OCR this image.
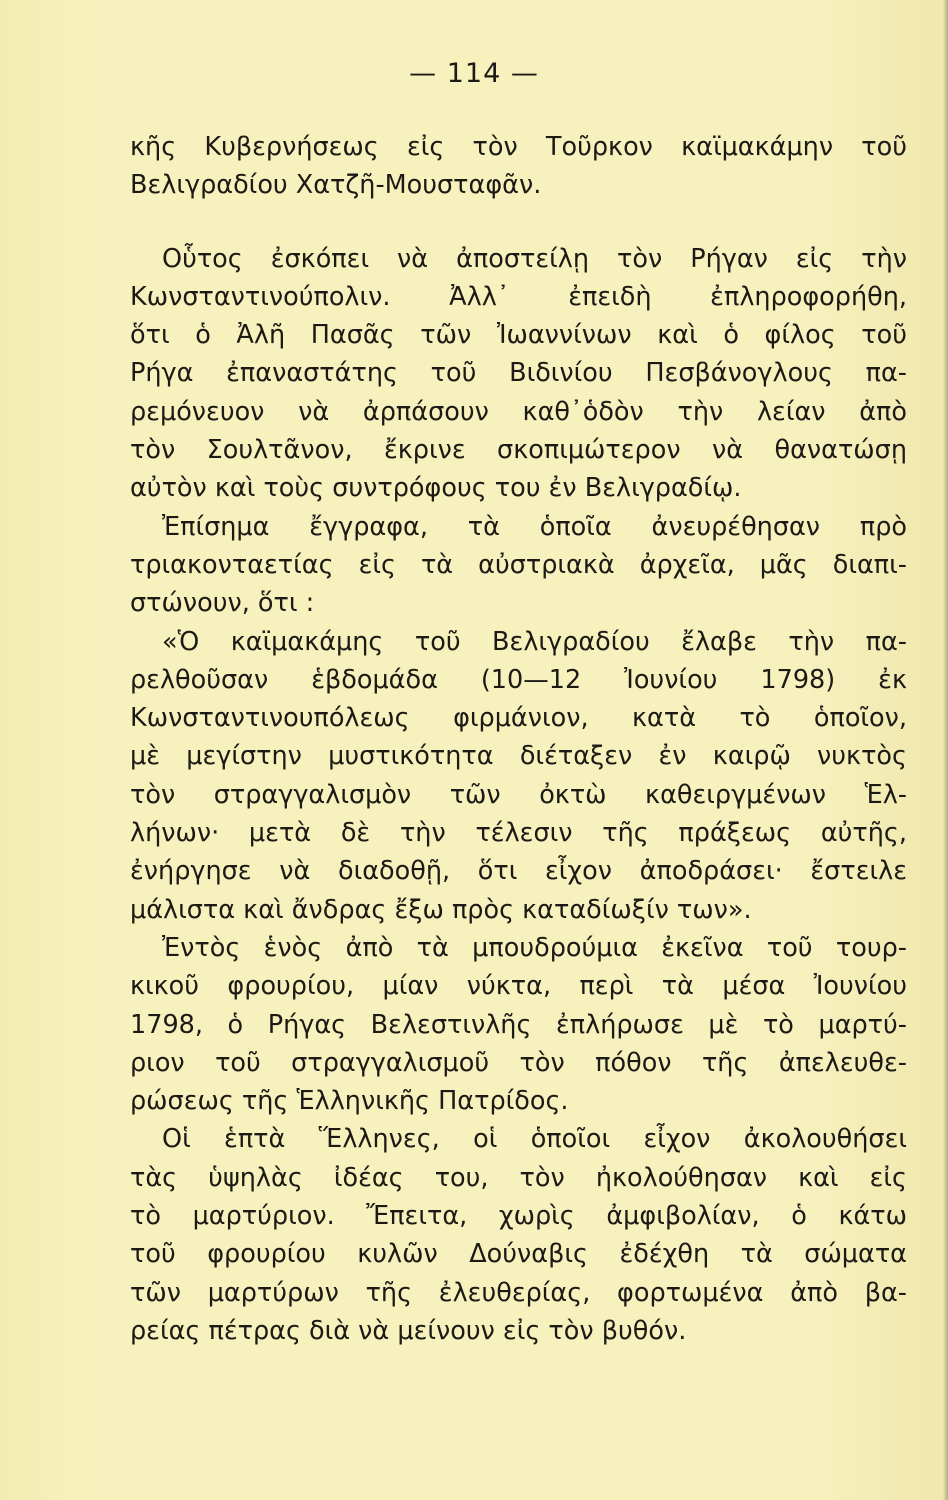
— 114 —

κῆς Κυβερνήσεως εἰς τὸν Τοῦρκον καϊμακάμην τοῦ
Βελιγραδίου Χατζῆ-Μουσταφᾶν.

Οὗτος ἐσκόπει νὰ ἀποστείλῃ τὸν Ρήγαν εἰς τὴν
Κωνσταντινούπολιν. Ἀλλ᾿ ἐπειδὴ ἐπληροφορήθη,
ὅτι ὁ Ἀλῆ Πασᾶς τῶν Ἰωαννίνων καὶ ὁ φίλος τοῦ
Ρήγα ἐπαναστάτης τοῦ Βιδινίου Πεσβάνογλους πα-
ρεμόνευον νὰ ἀρπάσουν καθ᾿ὁδὸν τὴν λείαν ἀπὸ
τὸν Σουλτᾶνον, ἔκρινε σκοπιμώτερον νὰ θανατώσῃ
αὐτὸν καὶ τοὺς συντρόφους του ἐν Βελιγραδίῳ.

Ἐπίσημα ἔγγραφα, τὰ ὁποῖα ἀνευρέθησαν πρὸ
τριακονταετίας εἰς τὰ αὐστριακὰ ἀρχεῖα, μᾶς διαπι-
στώνουν, ὅτι :

«Ὁ καϊμακάμης τοῦ Βελιγραδίου ἔλαβε τὴν πα-
ρελθοῦσαν ἑβδομάδα (10—12 Ἰουνίου 1798) ἐκ
Κωνσταντινουπόλεως φιρμάνιον, κατὰ τὸ ὁποῖον,
μὲ μεγίστην μυστικότητα διέταξεν ἐν καιρῷ νυκτὸς
τὸν στραγγαλισμὸν τῶν ὀκτὼ καθειργμένων Ἑλ-
λήνων· μετὰ δὲ τὴν τέλεσιν τῆς πράξεως αὐτῆς,
ἐνήργησε νὰ διαδοθῇ, ὅτι εἶχον ἀποδράσει· ἔστειλε
μάλιστα καὶ ἄνδρας ἔξω πρὸς καταδίωξίν των».

Ἐντὸς ἑνὸς ἀπὸ τὰ μπουδρούμια ἐκεῖνα τοῦ τουρ-
κικοῦ φρουρίου, μίαν νύκτα, περὶ τὰ μέσα Ἰουνίου
1798, ὁ Ρήγας Βελεστινλῆς ἐπλήρωσε μὲ τὸ μαρτύ-
ριον τοῦ στραγγαλισμοῦ τὸν πόθον τῆς ἀπελευθε-
ρώσεως τῆς Ἑλληνικῆς Πατρίδος.

Οἱ ἑπτὰ Ἕλληνες, οἱ ὁποῖοι εἶχον ἀκολουθήσει
τὰς ὑψηλὰς ἰδέας του, τὸν ἠκολούθησαν καὶ εἰς
τὸ μαρτύριον. Ἔπειτα, χωρὶς ἀμφιβολίαν, ὁ κάτω
τοῦ φρουρίου κυλῶν Δούναβις ἐδέχθη τὰ σώματα
τῶν μαρτύρων τῆς ἐλευθερίας, φορτωμένα ἀπὸ βα-
ρείας πέτρας διὰ νὰ μείνουν εἰς τὸν βυθόν.
